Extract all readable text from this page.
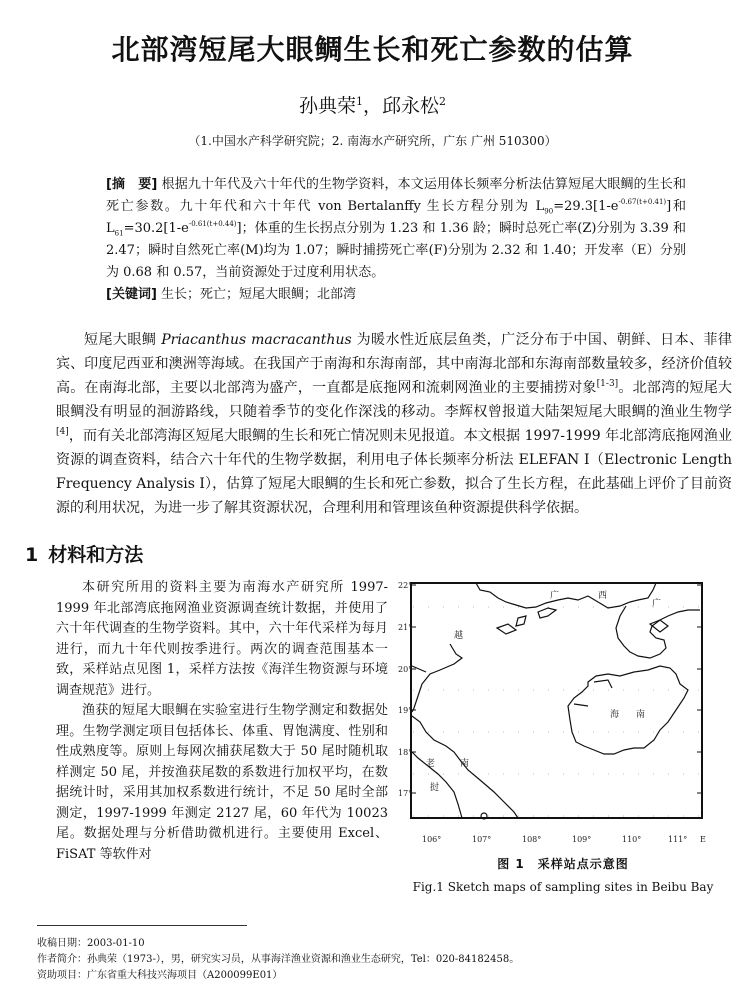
北部湾短尾大眼鲷生长和死亡参数的估算
孙典荣$^1$，邱永松$^2$
（1.中国水产科学研究院；2. 南海水产研究所，广东 广州 510300）
[摘　要] 根据九十年代及六十年代的生物学资料，本文运用体长频率分析法估算短尾大眼鲷的生长和死亡参数。九十年代和六十年代 von Bertalanffy 生长方程分别为 $L_{90}=29.3[1-e^{-0.67(t+0.41)}]$和 $L_{61}=30.2[1-e^{-0.61(t+0.44)}]$；体重的生长拐点分别为 1.23 和 1.36 龄；瞬时总死亡率(Z)分别为 3.39 和 2.47；瞬时自然死亡率(M)均为 1.07；瞬时捕捞死亡率(F)分别为 2.32 和 1.40；开发率（E）分别为 0.68 和 0.57，当前资源处于过度利用状态。
[关键词] 生长；死亡；短尾大眼鲷；北部湾
短尾大眼鲷 Priacanthus macracanthus 为暖水性近底层鱼类，广泛分布于中国、朝鲜、日本、菲律宾、印度尼西亚和澳洲等海域。在我国产于南海和东海南部，其中南海北部和东海南部数量较多，经济价值较高。在南海北部，主要以北部湾为盛产，一直都是底拖网和流刺网渔业的主要捕捞对象[1-3]。北部湾的短尾大眼鲷没有明显的洄游路线，只随着季节的变化作深浅的移动。李辉权曾报道大陆架短尾大眼鲷的渔业生物学[4]，而有关北部湾海区短尾大眼鲷的生长和死亡情况则未见报道。本文根据 1997-1999 年北部湾底拖网渔业资源的调查资料，结合六十年代的生物学数据，利用电子体长频率分析法 ELEFAN Ⅰ（Electronic Length Frequency Analysis Ⅰ），估算了短尾大眼鲷的生长和死亡参数，拟合了生长方程，在此基础上评价了目前资源的利用状况，为进一步了解其资源状况，合理利用和管理该鱼种资源提供科学依据。
1 材料和方法

本研究所用的资料主要为南海水产研究所 1997-1999 年北部湾底拖网渔业资源调查统计数据，并使用了六十年代调查的生物学资料。其中，六十年代采样为每月进行，而九十年代则按季进行。两次的调查范围基本一致，采样站点见图 1，采样方法按《海洋生物资源与环境调查规范》进行。

渔获的短尾大眼鲷在实验室进行生物学测定和数据处理。生物学测定项目包括体长、体重、胃饱满度、性别和性成熟度等。原则上每网次捕获尾数大于 50 尾时随机取样测定 50 尾，并按渔获尾数的系数进行加权平均，在数据统计时，采用其加权系数进行统计，不足 50 尾时全部测定，1997-1999 年测定 2127 尾，60 年代为 10023 尾。数据处理与分析借助微机进行。主要使用 Excel、FiSAT 等软件对

22°
21°
20°
19°
18°
17°
106°	107°	108°	109°	110°	111° E
广	西
广
越
海 南
老
挝
南
图 1　采样站点示意图
Fig.1 Sketch maps of sampling sites in Beibu Bay
收稿日期：2003-01-10
作者简介：孙典荣（1973-），男，研究实习员，从事海洋渔业资源和渔业生态研究，Tel：020-84182458。
资助项目：广东省重大科技兴海项目（A200099E01）
